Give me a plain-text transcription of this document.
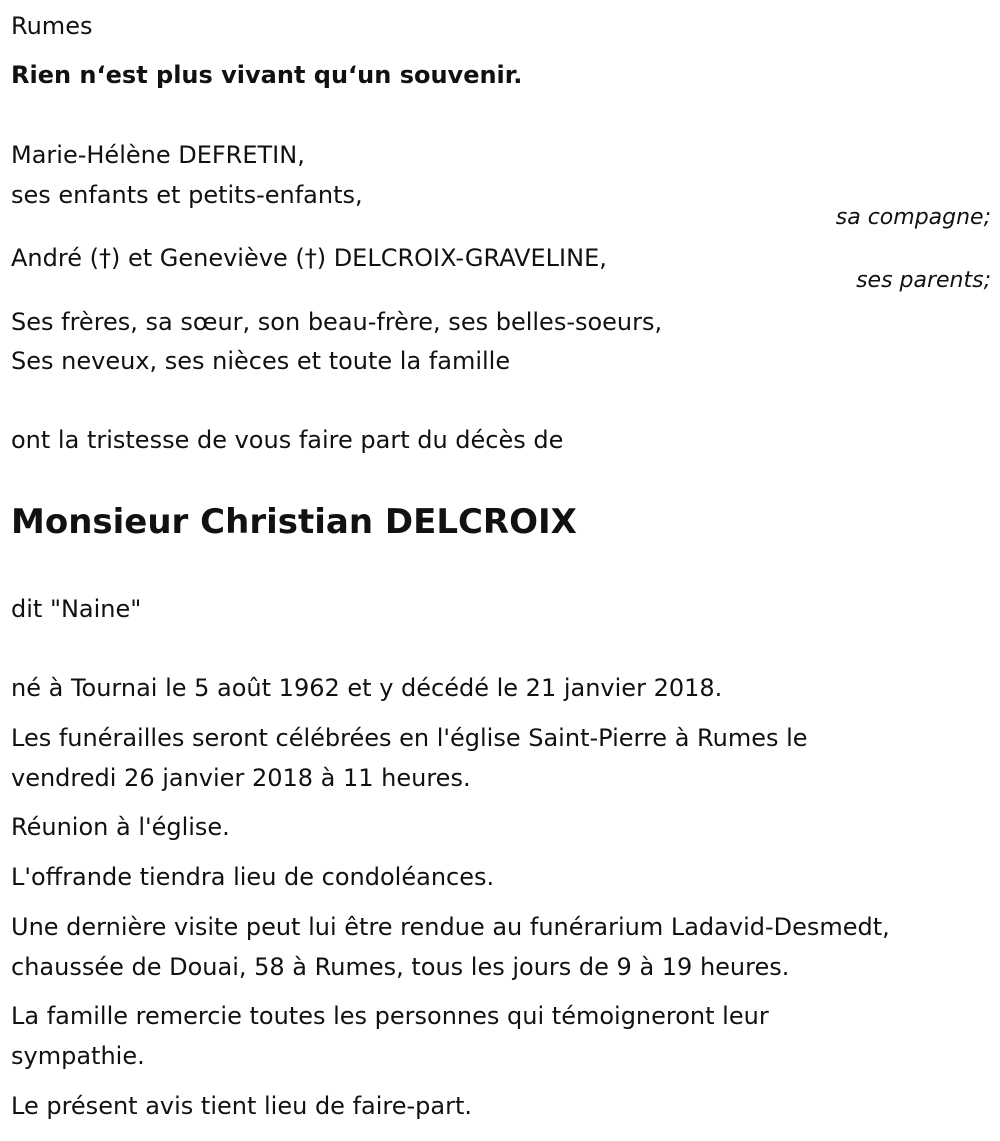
Rumes
Rien n‘est plus vivant qu‘un souvenir.
Marie-Hélène DEFRETIN,
ses enfants et petits-enfants,
sa compagne;
André (†) et Geneviève (†) DELCROIX-GRAVELINE,
ses parents;
Ses frères, sa sœur, son beau-frère, ses belles-soeurs,
Ses neveux, ses nièces et toute la famille
ont la tristesse de vous faire part du décès de
Monsieur Christian DELCROIX
dit "Naine"
né à Tournai le 5 août 1962 et y décédé le 21 janvier 2018.
Les funérailles seront célébrées en l'église Saint-Pierre à Rumes le
vendredi 26 janvier 2018 à 11 heures.
Réunion à l'église.
L'offrande tiendra lieu de condoléances.
Une dernière visite peut lui être rendue au funérarium Ladavid-Desmedt,
chaussée de Douai, 58 à Rumes, tous les jours de 9 à 19 heures.
La famille remercie toutes les personnes qui témoigneront leur
sympathie.
Le présent avis tient lieu de faire-part.
